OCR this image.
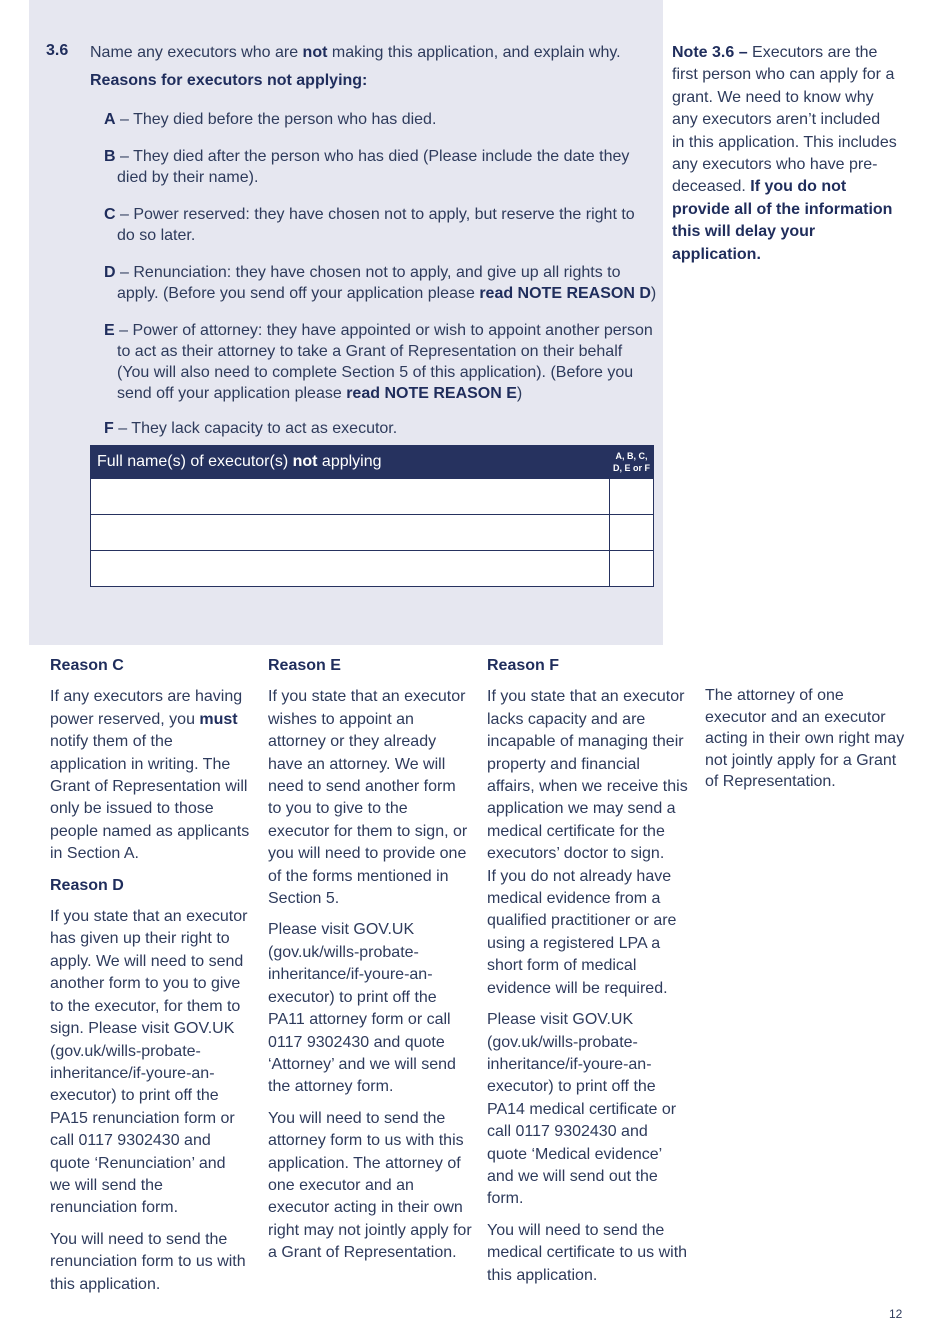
3.6 Name any executors who are not making this application, and explain why.
Reasons for executors not applying:
A – They died before the person who has died.
B – They died after the person who has died (Please include the date they died by their name).
C – Power reserved: they have chosen not to apply, but reserve the right to do so later.
D – Renunciation: they have chosen not to apply, and give up all rights to apply. (Before you send off your application please read NOTE REASON D)
E – Power of attorney: they have appointed or wish to appoint another person to act as their attorney to take a Grant of Representation on their behalf (You will also need to complete Section 5 of this application). (Before you send off your application please read NOTE REASON E)
F – They lack capacity to act as executor.
Full name(s) of executor(s) not applying	A, B, C,
D, E or F

Note 3.6 – Executors are the first person who can apply for a grant. We need to know why any executors aren’t included in this application. This includes any executors who have pre-deceased. If you do not provide all of the information this will delay your application.
Reason C

If any executors are having power reserved, you must notify them of the application in writing. The Grant of Representation will only be issued to those people named as applicants in Section A.

Reason D

If you state that an executor has given up their right to apply. We will need to send another form to you to give to the executor, for them to sign. Please visit GOV.UK (gov.uk/wills-probate-inheritance/if-youre-an-executor) to print off the PA15 renunciation form or call 0117 9302430 and quote ‘Renunciation’ and we will send the renunciation form.

You will need to send the renunciation form to us with this application.

Reason E

If you state that an executor wishes to appoint an attorney or they already have an attorney. We will need to send another form to you to give to the executor for them to sign, or you will need to provide one of the forms mentioned in Section 5.

Please visit GOV.UK (gov.uk/wills-probate-inheritance/if-youre-an-executor) to print off the PA11 attorney form or call 0117 9302430 and quote ‘Attorney’ and we will send the attorney form.

You will need to send the attorney form to us with this application. The attorney of one executor and an executor acting in their own right may not jointly apply for a Grant of Representation.

Reason F

If you state that an executor lacks capacity and are incapable of managing their property and financial affairs, when we receive this application we may send a medical certificate for the executors’ doctor to sign.
If you do not already have medical evidence from a qualified practitioner or are using a registered LPA a short form of medical evidence will be required.

Please visit GOV.UK (gov.uk/wills-probate-inheritance/if-youre-an-executor) to print off the PA14 medical certificate or call 0117 9302430 and quote ‘Medical evidence’ and we will send out the form.

You will need to send the medical certificate to us with this application.

The attorney of one executor and an executor acting in their own right may not jointly apply for a Grant of Representation.
12
